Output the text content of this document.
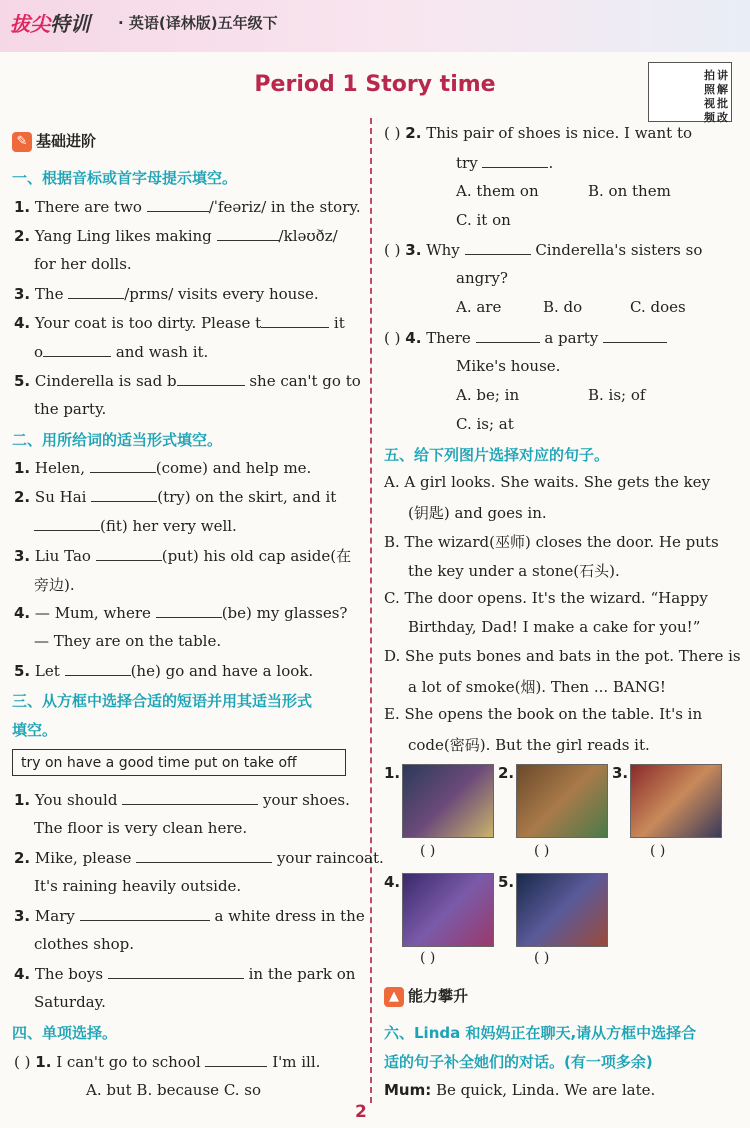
拔尖特训 · 英语(译林版)五年级下
Period 1 Story time	拍
照
视
频
讲
解
批
改
✎ 基础进阶
一、根据音标或首字母提示填空。
1. There are two	/ˈfeəriz/ in the story.
2. Yang Ling likes making	/kləʊðz/
for her dolls.
3. The	/prɪns/ visits every house.
4. Your coat is too dirty. Please t	it
o	and wash it.
5. Cinderella is sad b	she can't go to
the party.
二、用所给词的适当形式填空。
1. Helen,	(come) and help me.
2. Su Hai	(try) on the skirt, and it
(fit) her very well.
3. Liu Tao	(put) his old cap aside(在
旁边).
4. — Mum, where	(be) my glasses?
— They are on the table.
5. Let	(he) go and have a look.
三、从方框中选择合适的短语并用其适当形式
填空。
try on have a good time put on take off
1. You should	your shoes.
The floor is very clean here.
2. Mike, please	your raincoat.
It's raining heavily outside.
3. Mary	a white dress in the
clothes shop.
4. The boys	in the park on
Saturday.
四、单项选择。
( ) 1. I can't go to school	I'm ill.
A. but B. because C. so
( ) 2. This pair of shoes is nice. I want to
try	.
A. them on	B. on them
C. it on
( ) 3. Why	Cinderella's sisters so
angry?
A. are	B. do	C. does
( ) 4. There	a party
Mike's house.
A. be; in	B. is; of
C. is; at
五、给下列图片选择对应的句子。
A. A girl looks. She waits. She gets the key
(钥匙) and goes in.
B. The wizard(巫师) closes the door. He puts
the key under a stone(石头).
C. The door opens. It's the wizard. “Happy
Birthday, Dad! I make a cake for you!”
D. She puts bones and bats in the pot. There is
a lot of smoke(烟). Then ... BANG!
E. She opens the book on the table. It's in
code(密码). But the girl reads it.
1.
( )
2.
( )
3.
( )
4.
( )
5.
( )
▲ 能力攀升
六、Linda 和妈妈正在聊天,请从方框中选择合
适的句子补全她们的对话。(有一项多余)
Mum: Be quick, Linda. We are late.
2
